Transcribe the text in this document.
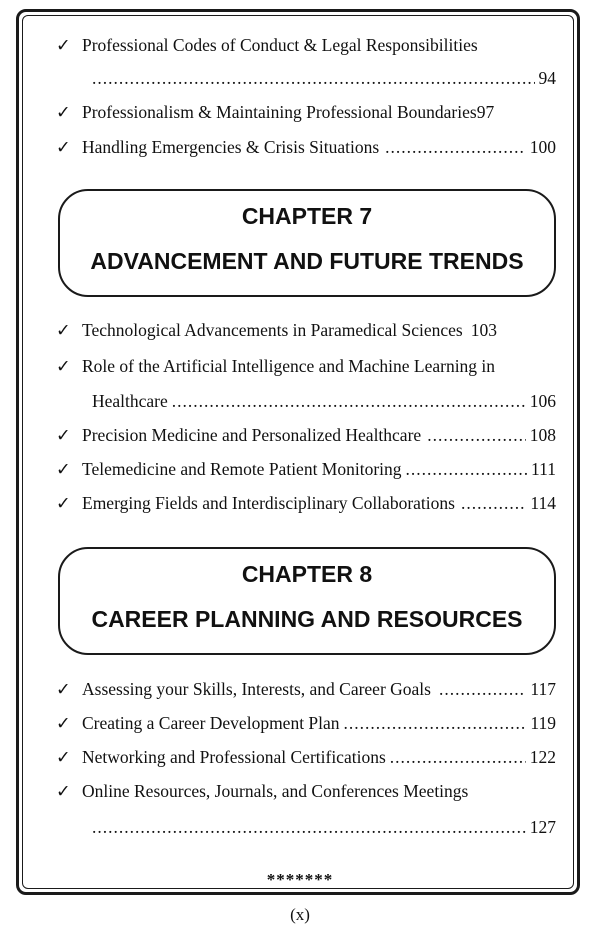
✓ Professional Codes of Conduct & Legal Responsibilities
.....
94
✓ Professionalism & Maintaining Professional Boundaries 97
✓ Handling Emergencies & Crisis Situations .....	100
CHAPTER 7
ADVANCEMENT AND FUTURE TRENDS
✓ Technological Advancements in Paramedical Sciences 103
✓ Role of the Artificial Intelligence and Machine Learning in
Healthcare .....	106
✓ Precision Medicine and Personalized Healthcare .....	108
✓ Telemedicine and Remote Patient Monitoring .....	111
✓ Emerging Fields and Interdisciplinary Collaborations .....	114
CHAPTER 8
CAREER PLANNING AND RESOURCES
✓ Assessing your Skills, Interests, and Career Goals .....	117
✓ Creating a Career Development Plan .....	119
✓ Networking and Professional Certifications .....	122
✓ Online Resources, Journals, and Conferences Meetings
.....
127
*******
(x)
